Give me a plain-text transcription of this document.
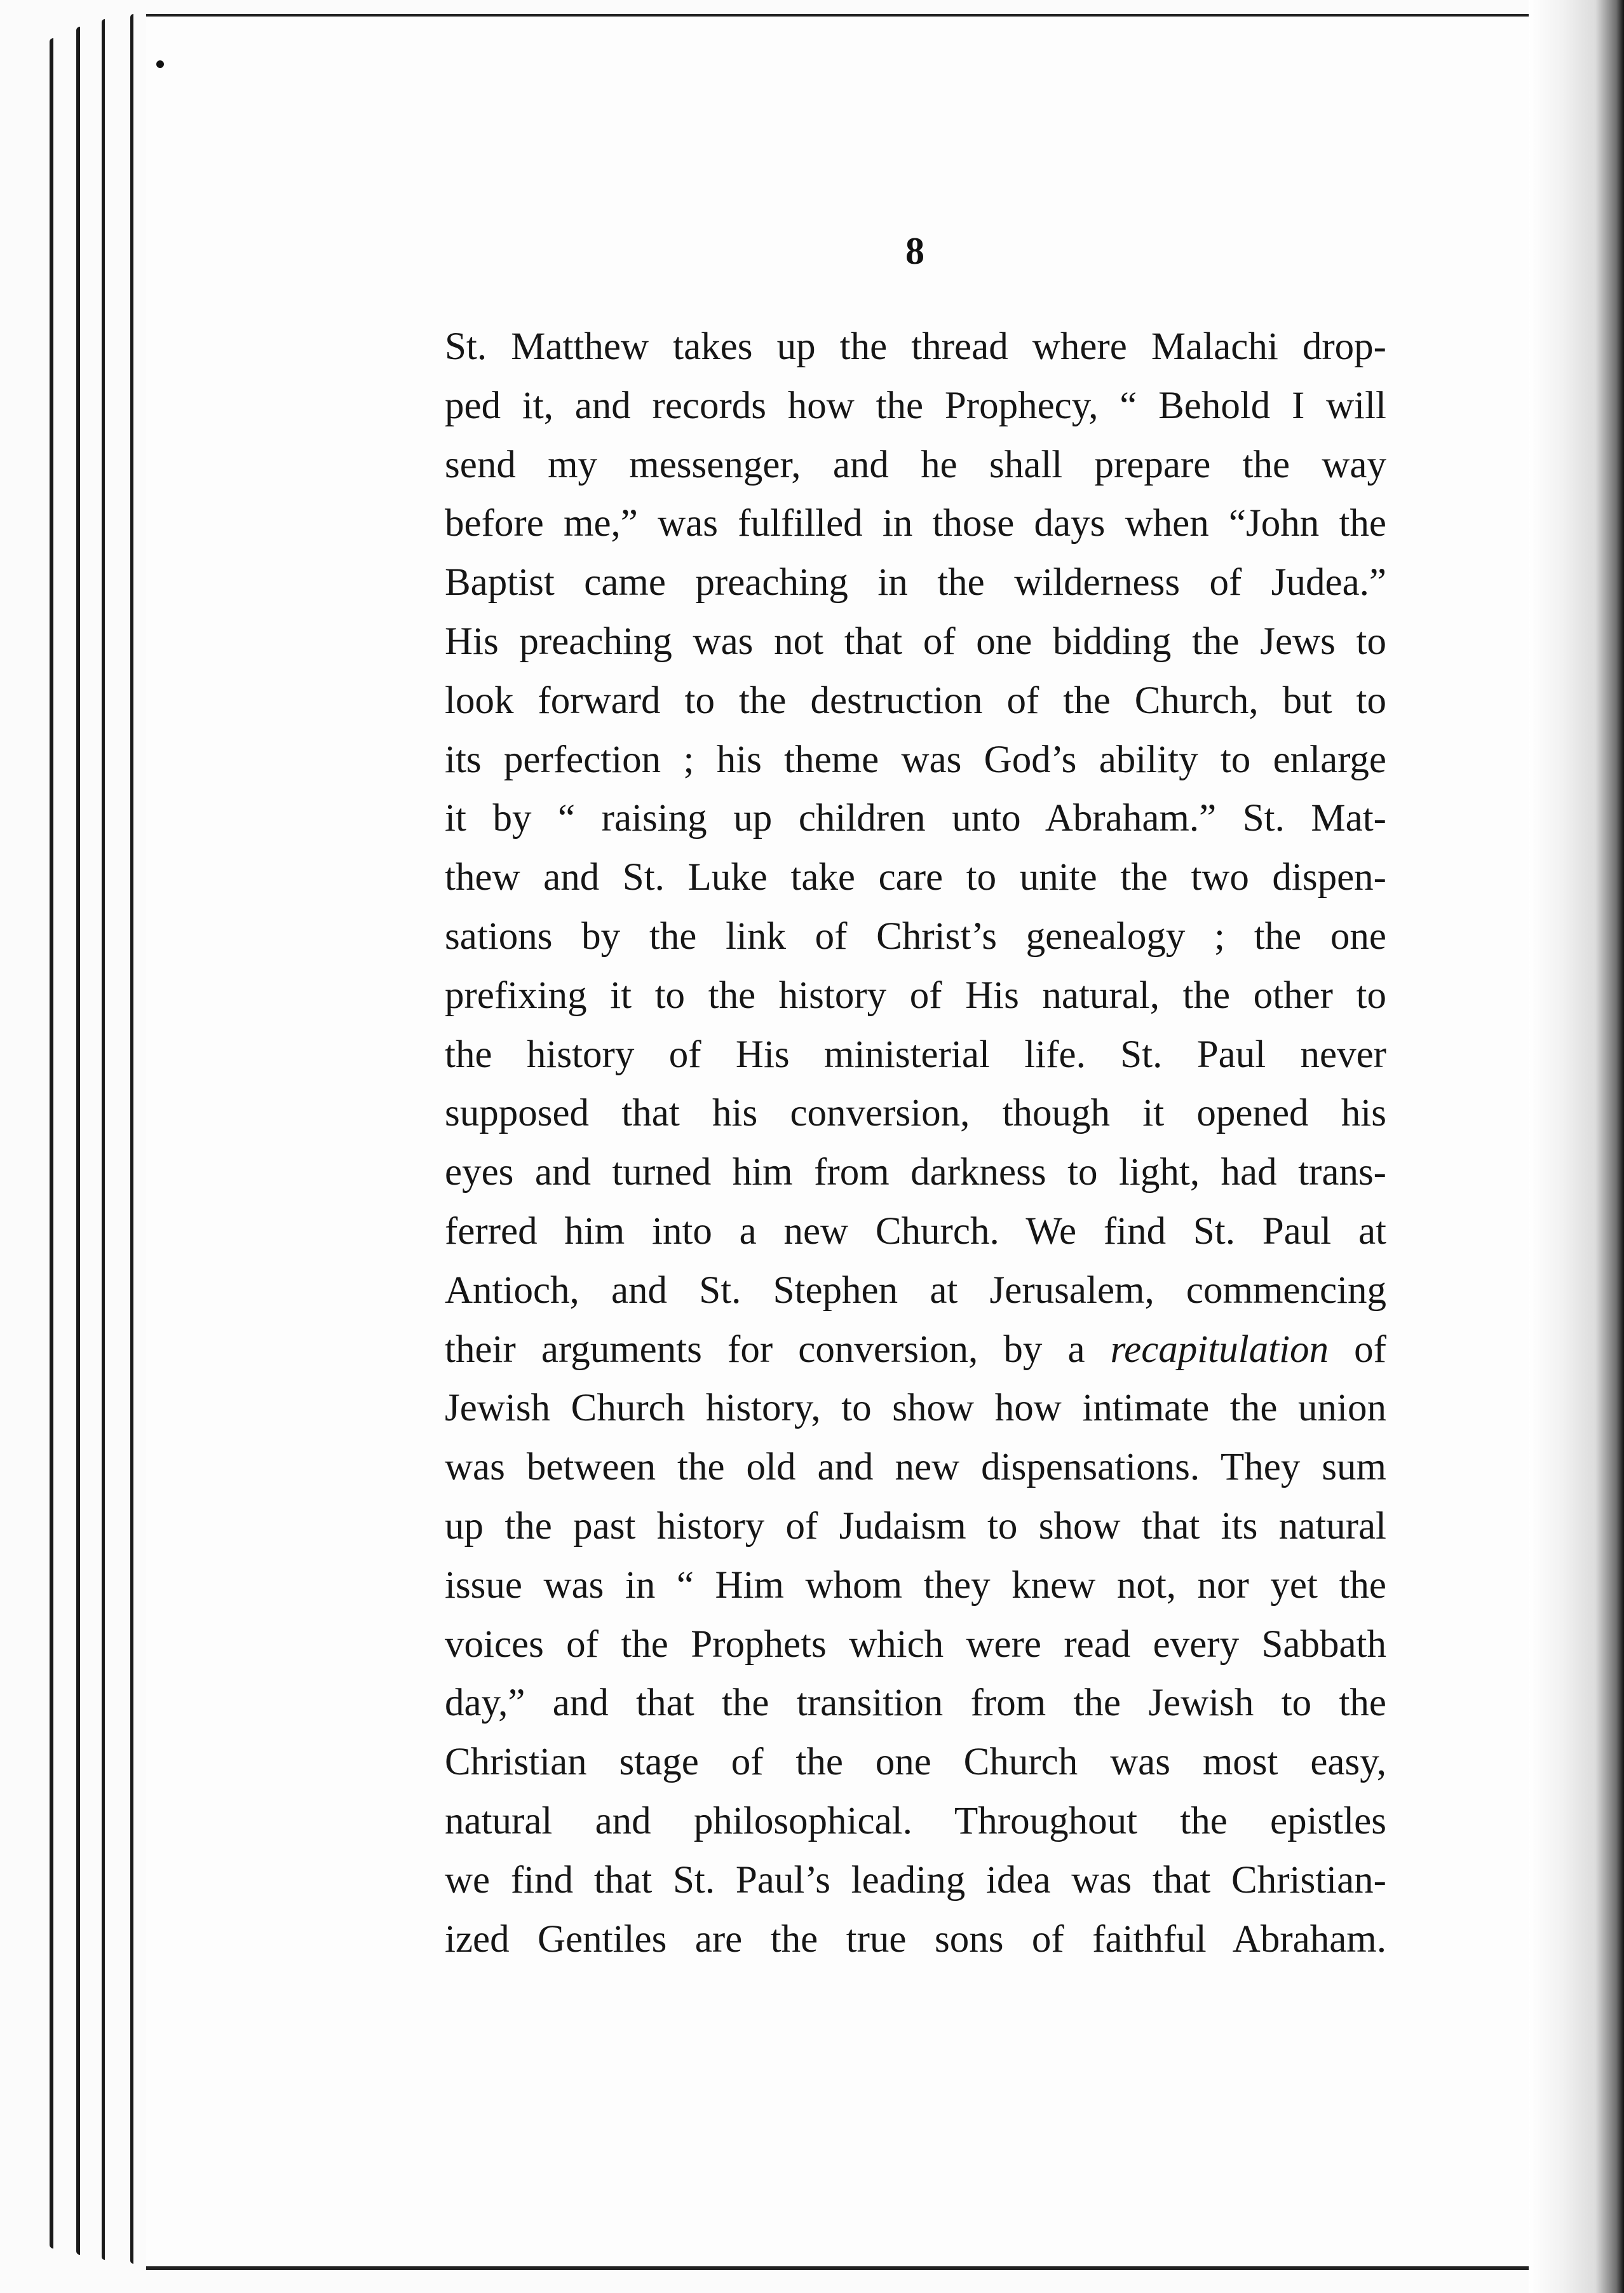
8
St. Matthew takes up the thread where Malachi drop-
ped it, and records how the Prophecy, “ Behold I will
send my messenger, and he shall prepare the way
before me,” was fulfilled in those days when “John the
Baptist came preaching in the wilderness of Judea.”
His preaching was not that of one bidding the Jews to
look forward to the destruction of the Church, but to
its perfection ; his theme was God’s ability to enlarge
it by “ raising up children unto Abraham.” St. Mat-
thew and St. Luke take care to unite the two dispen-
sations by the link of Christ’s genealogy ; the one
prefixing it to the history of His natural, the other to
the history of His ministerial life. St. Paul never
supposed that his conversion, though it opened his
eyes and turned him from darkness to light, had trans-
ferred him into a new Church. We find St. Paul at
Antioch, and St. Stephen at Jerusalem, commencing
their arguments for conversion, by a recapitulation of
Jewish Church history, to show how intimate the union
was between the old and new dispensations. They sum
up the past history of Judaism to show that its natural
issue was in “ Him whom they knew not, nor yet the
voices of the Prophets which were read every Sabbath
day,” and that the transition from the Jewish to the
Christian stage of the one Church was most easy,
natural and philosophical. Throughout the epistles
we find that St. Paul’s leading idea was that Christian-
ized Gentiles are the true sons of faithful Abraham.
